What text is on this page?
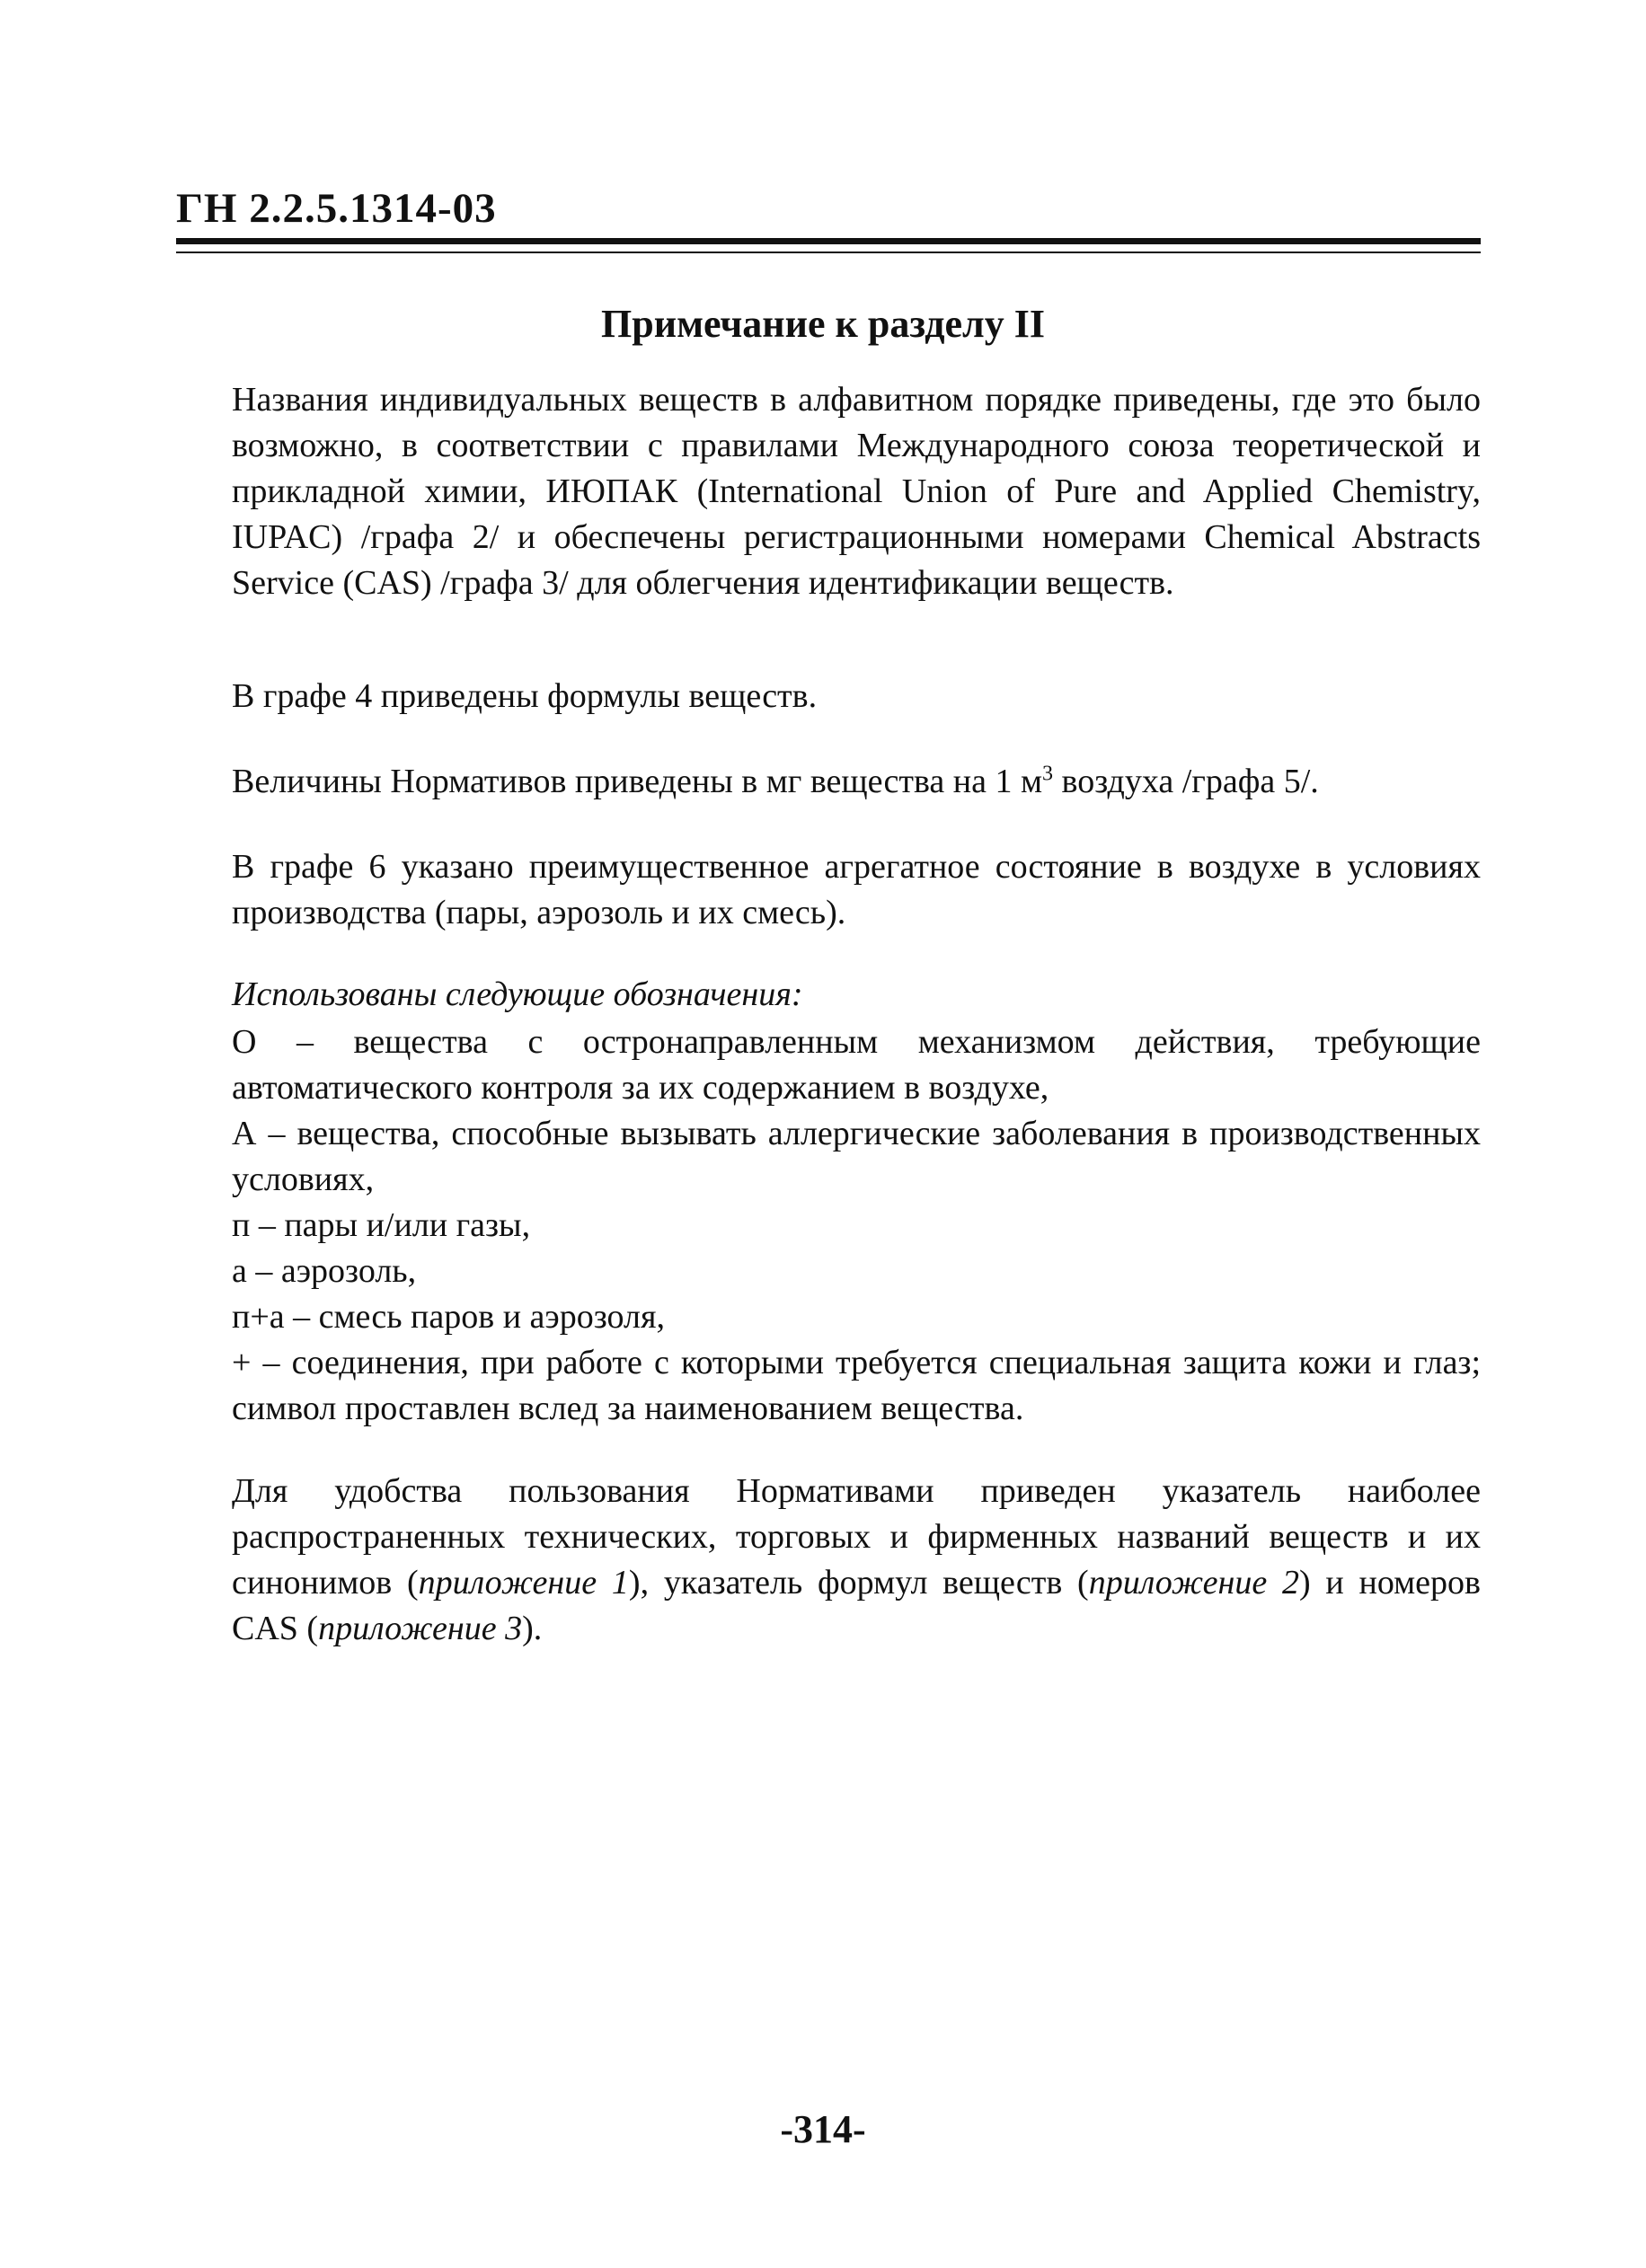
ГН 2.2.5.1314-03
Примечание к разделу II
Названия индивидуальных веществ в алфавитном порядке приведены, где это было возможно, в соответствии с правилами Международного союза теоретической и прикладной химии, ИЮПАК (International Union of Pure and Applied Chemistry, IUPAC) /графа 2/ и обеспечены регистрационными номерами Chemical Abstracts Service (CAS) /графа 3/ для облегчения идентификации веществ.
В графе 4 приведены формулы веществ.
Величины Нормативов приведены в мг вещества на 1 $м^3$ воздуха /графа 5/.
В графе 6 указано преимущественное агрегатное состояние в воздухе в условиях производства (пары, аэрозоль и их смесь).
Использованы следующие обозначения:
О – вещества с остронаправленным механизмом действия, требующие автоматического контроля за их содержанием в воздухе,
А – вещества, способные вызывать аллергические заболевания в производственных условиях,
п – пары и/или газы,
а – аэрозоль,
п+а – смесь паров и аэрозоля,
+ – соединения, при работе с которыми требуется специальная защита кожи и глаз; символ проставлен вслед за наименованием вещества.
Для удобства пользования Нормативами приведен указатель наиболее распространенных технических, торговых и фирменных названий веществ и их синонимов (приложение 1), указатель формул веществ (приложение 2) и номеров CAS (приложение 3).
-314-
